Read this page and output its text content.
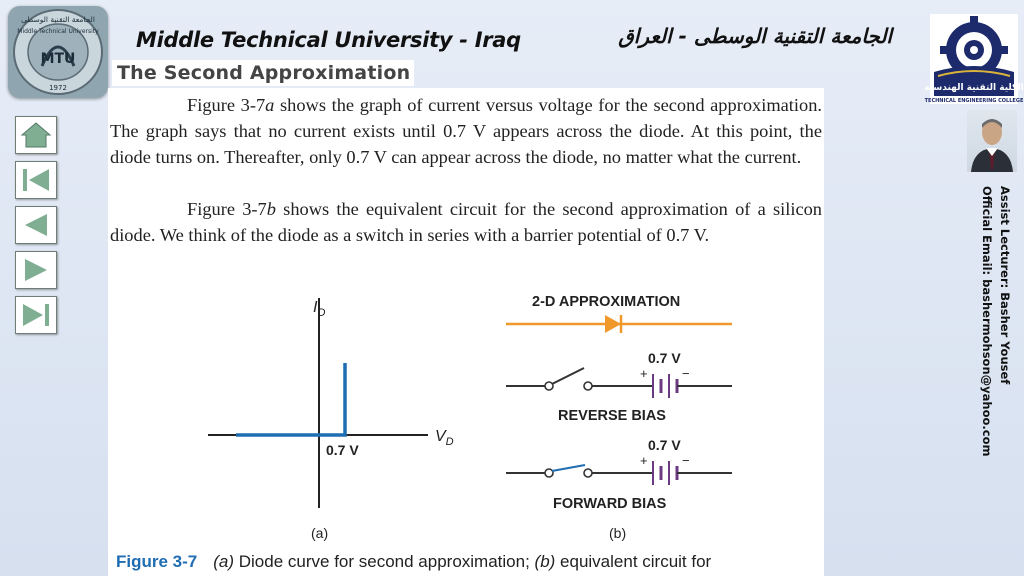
MTU
الجامعة التقنية الوسطى
Middle Technical University
1972
Middle Technical University - Iraq	الجامعة التقنية الوسطى - العراق
The Second Approximation
Figure 3-7a shows the graph of current versus voltage for the second approximation. The graph says that no current exists until 0.7 V appears across the diode. At this point, the diode turns on. Thereafter, only 0.7 V can appear across the diode, no matter what the current.
Figure 3-7b shows the equivalent circuit for the second approximation of a silicon diode. We think of the diode as a switch in series with a barrier potential of 0.7 V.
$I_D$
$V_D$
0.7 V
(a)
2-D APPROXIMATION
0.7 V
+	−
REVERSE BIAS
0.7 V
+	−
FORWARD BIAS
(b)
Figure 3-7 (a) Diode curve for second approximation; (b) equivalent circuit for
الكلية التقنية الهندسية
TECHNICAL ENGINEERING COLLEGE
Assist Lecturer: Basher Yousef
Official Email: bashermohson@yahoo.com
